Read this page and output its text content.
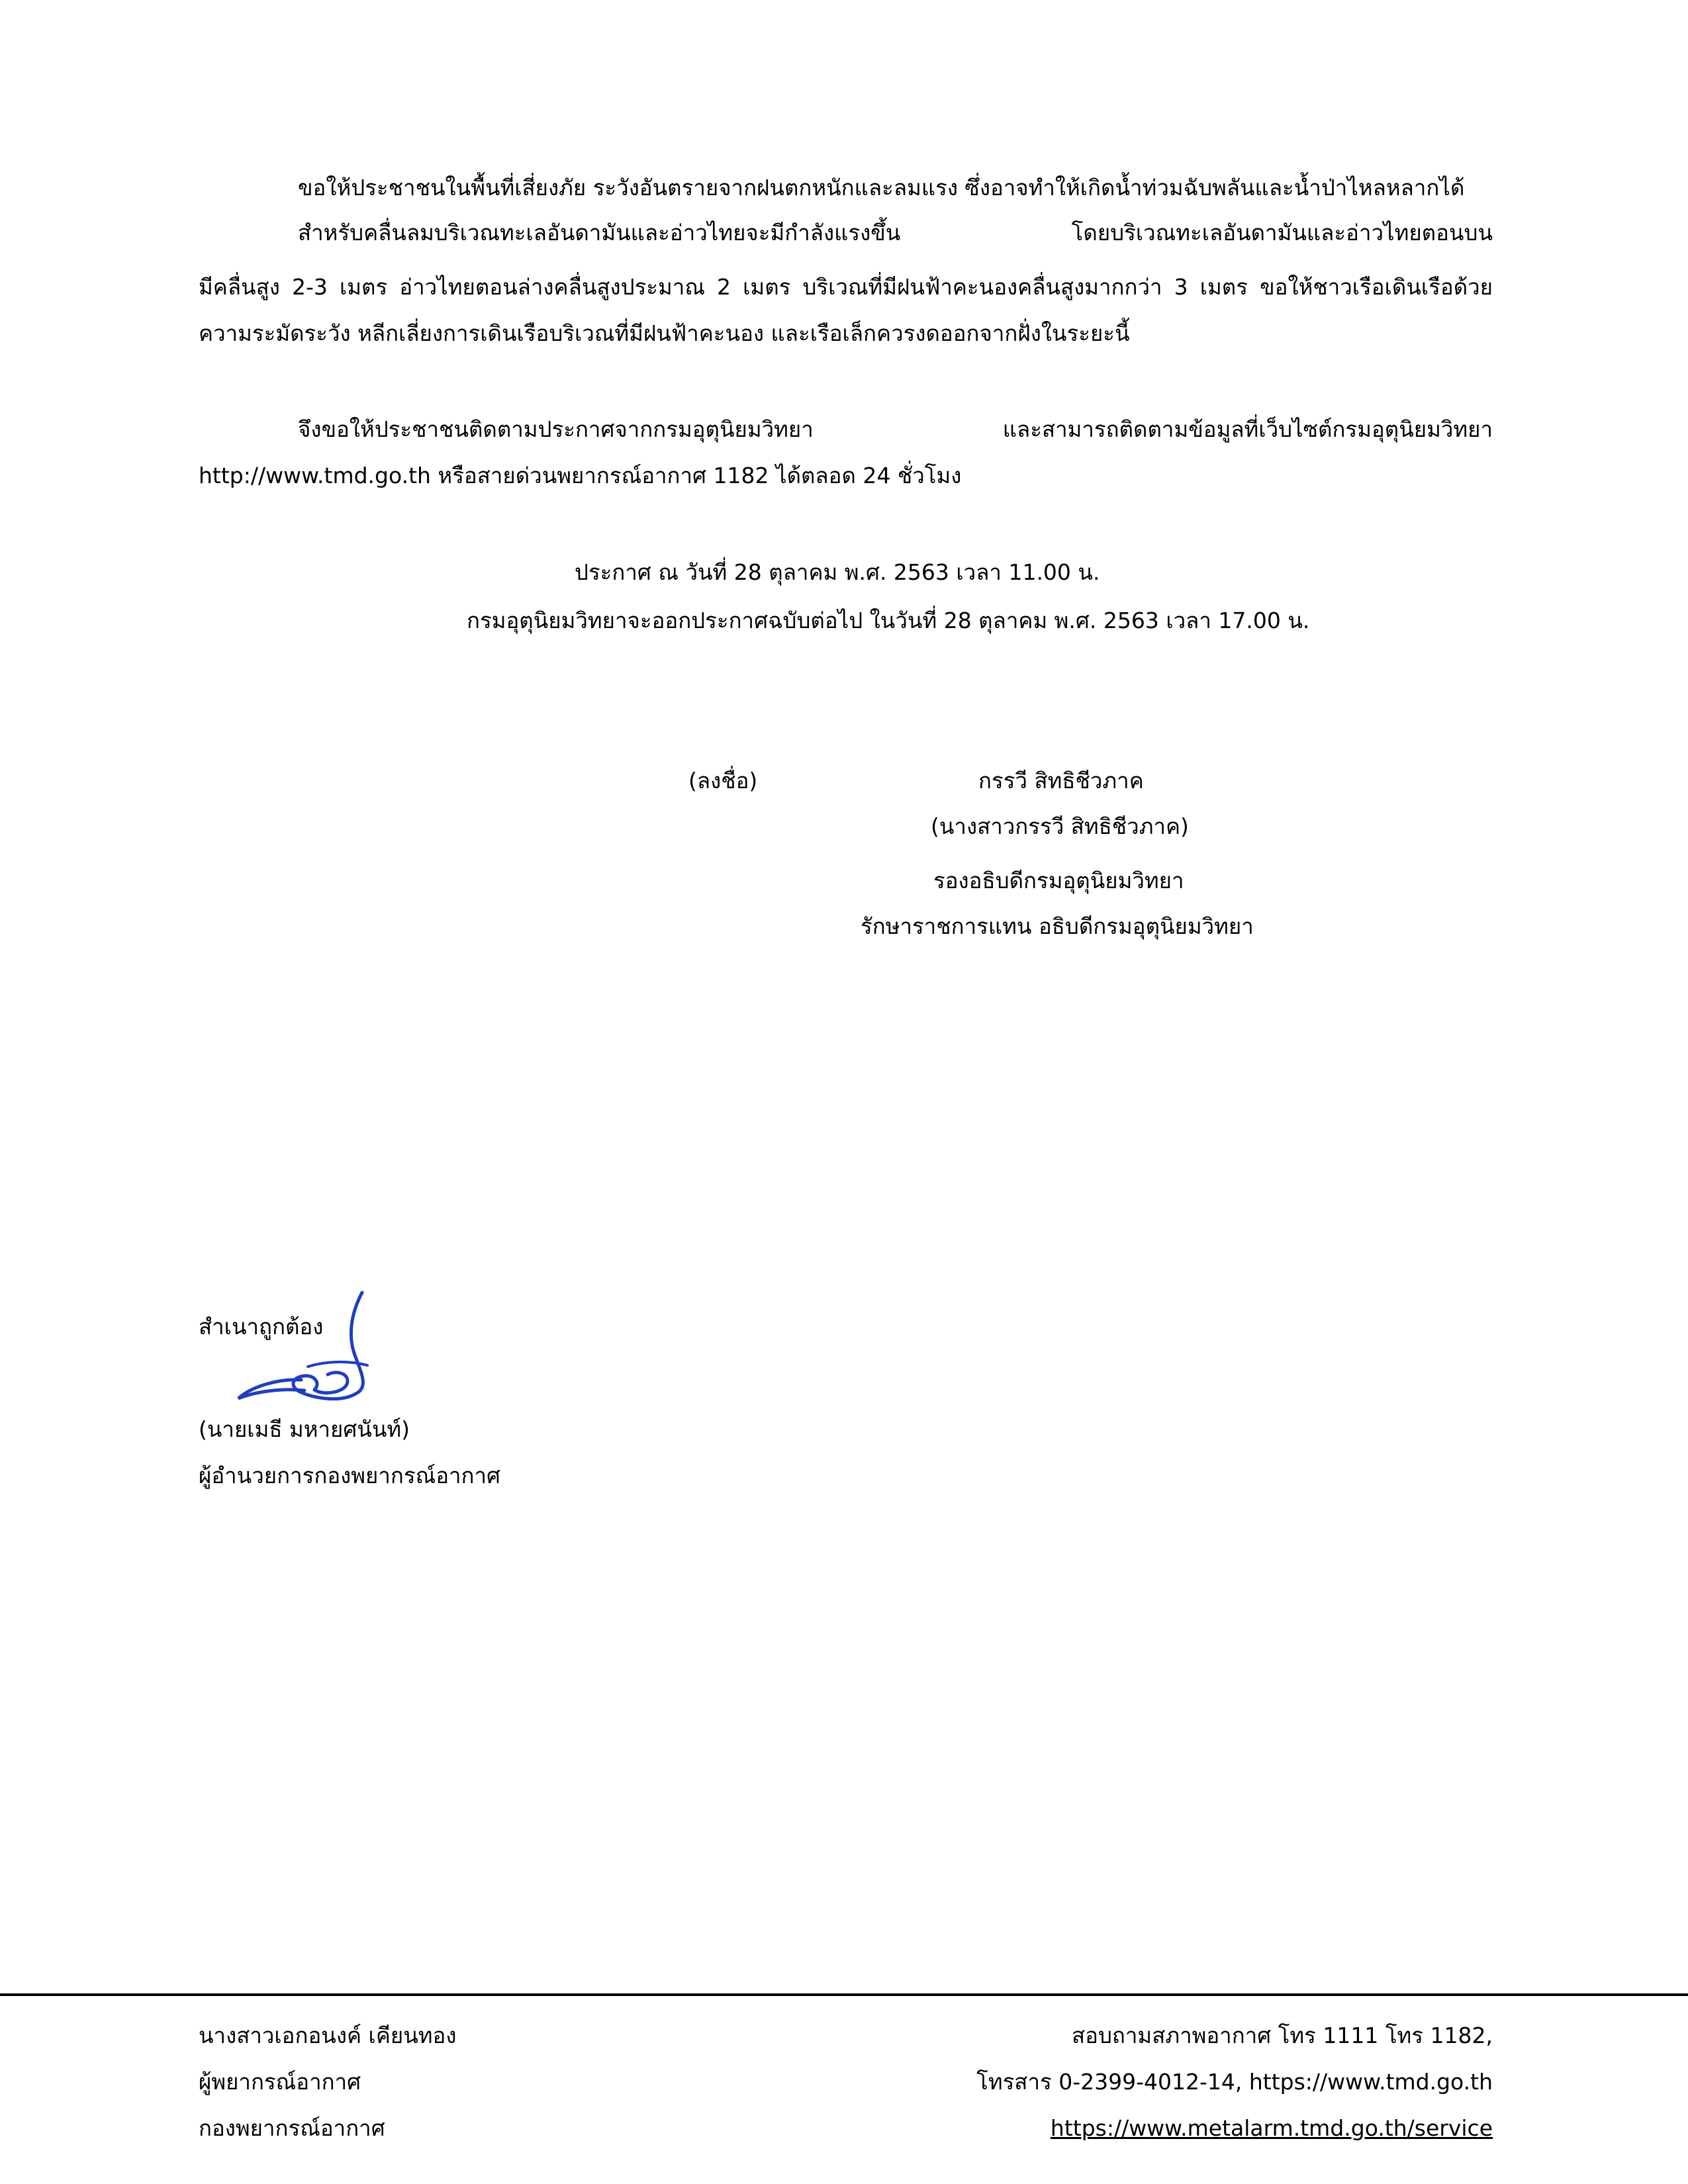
ขอให้ประชาชนในพื้นที่เสี่ยงภัย ระวังอันตรายจากฝนตกหนักและลมแรง ซึ่งอาจทำให้เกิดน้ำท่วมฉับพลันและน้ำป่าไหลหลากได้
สำหรับคลื่นลมบริเวณทะเลอันดามันและอ่าวไทยจะมีกำลังแรงขึ้น โดยบริเวณทะเลอันดามันและอ่าวไทยตอนบน
มีคลื่นสูง 2-3 เมตร อ่าวไทยตอนล่างคลื่นสูงประมาณ 2 เมตร บริเวณที่มีฝนฟ้าคะนองคลื่นสูงมากกว่า 3 เมตร ขอให้ชาวเรือเดินเรือด้วย
ความระมัดระวัง หลีกเลี่ยงการเดินเรือบริเวณที่มีฝนฟ้าคะนอง และเรือเล็กควรงดออกจากฝั่งในระยะนี้
จึงขอให้ประชาชนติดตามประกาศจากกรมอุตุนิยมวิทยา และสามารถติดตามข้อมูลที่เว็บไซต์กรมอุตุนิยมวิทยา
http://www.tmd.go.th หรือสายด่วนพยากรณ์อากาศ 1182 ได้ตลอด 24 ชั่วโมง
ประกาศ ณ วันที่ 28 ตุลาคม พ.ศ. 2563 เวลา 11.00 น.
กรมอุตุนิยมวิทยาจะออกประกาศฉบับต่อไป ในวันที่ 28 ตุลาคม พ.ศ. 2563 เวลา 17.00 น.
(ลงชื่อ)	กรรวี สิทธิชีวภาค
(นางสาวกรรวี สิทธิชีวภาค)
รองอธิบดีกรมอุตุนิยมวิทยา
รักษาราชการแทน อธิบดีกรมอุตุนิยมวิทยา
สำเนาถูกต้อง
(นายเมธี มหายศนันท์)
ผู้อำนวยการกองพยากรณ์อากาศ
นางสาวเอกอนงค์ เคียนทอง
ผู้พยากรณ์อากาศ
กองพยากรณ์อากาศ
สอบถามสภาพอากาศ โทร 1111 โทร 1182,
โทรสาร 0-2399-4012-14, https://www.tmd.go.th
https://www.metalarm.tmd.go.th/service
